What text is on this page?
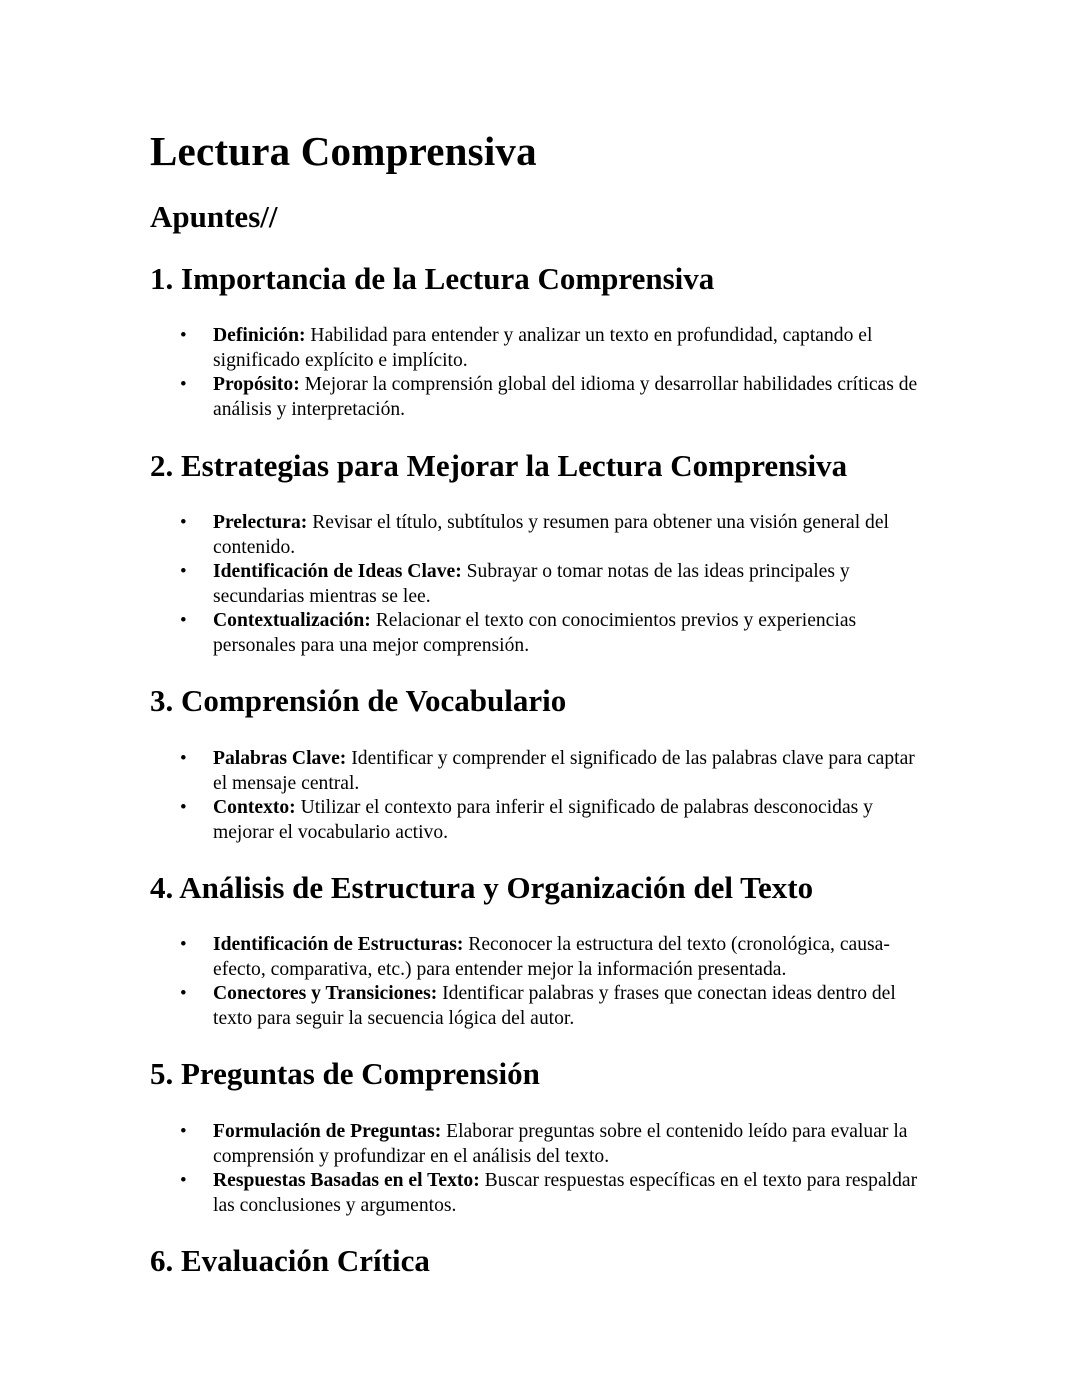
Lectura Comprensiva
Apuntes//
1. Importancia de la Lectura Comprensiva
• Definición: Habilidad para entender y analizar un texto en profundidad, captando el significado explícito e implícito.
• Propósito: Mejorar la comprensión global del idioma y desarrollar habilidades críticas de análisis y interpretación.
2. Estrategias para Mejorar la Lectura Comprensiva
• Prelectura: Revisar el título, subtítulos y resumen para obtener una visión general del contenido.
• Identificación de Ideas Clave: Subrayar o tomar notas de las ideas principales y secundarias mientras se lee.
• Contextualización: Relacionar el texto con conocimientos previos y experiencias personales para una mejor comprensión.
3. Comprensión de Vocabulario
• Palabras Clave: Identificar y comprender el significado de las palabras clave para captar el mensaje central.
• Contexto: Utilizar el contexto para inferir el significado de palabras desconocidas y mejorar el vocabulario activo.
4. Análisis de Estructura y Organización del Texto
• Identificación de Estructuras: Reconocer la estructura del texto (cronológica, causa-efecto, comparativa, etc.) para entender mejor la información presentada.
• Conectores y Transiciones: Identificar palabras y frases que conectan ideas dentro del texto para seguir la secuencia lógica del autor.
5. Preguntas de Comprensión
• Formulación de Preguntas: Elaborar preguntas sobre el contenido leído para evaluar la comprensión y profundizar en el análisis del texto.
• Respuestas Basadas en el Texto: Buscar respuestas específicas en el texto para respaldar las conclusiones y argumentos.
6. Evaluación Crítica
